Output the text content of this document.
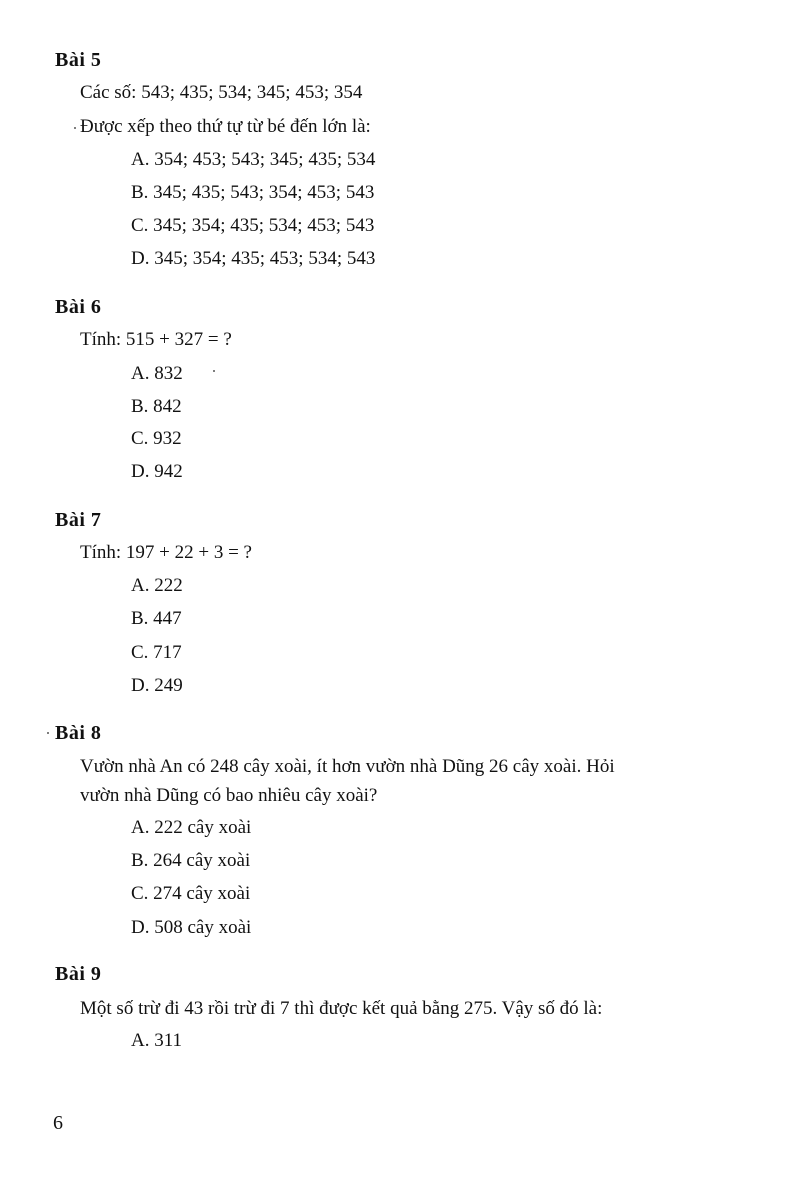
Bài 5
Các số: 543; 435; 534; 345; 453; 354
Được xếp theo thứ tự từ bé đến lớn là:
A. 354; 453; 543; 345; 435; 534
B. 345; 435; 543; 354; 453; 543
C. 345; 354; 435; 534; 453; 543
D. 345; 354; 435; 453; 534; 543
Bài 6
Tính: 515 + 327 = ?
A. 832
B. 842
C. 932
D. 942
Bài 7
Tính: 197 + 22 + 3 = ?
A. 222
B. 447
C. 717
D. 249
Bài 8
Vườn nhà An có 248 cây xoài, ít hơn vườn nhà Dũng 26 cây xoài. Hỏi
vườn nhà Dũng có bao nhiêu cây xoài?
A. 222 cây xoài
B. 264 cây xoài
C. 274 cây xoài
D. 508 cây xoài
Bài 9
Một số trừ đi 43 rồi trừ đi 7 thì được kết quả bằng 275. Vậy số đó là:
A. 311
6
